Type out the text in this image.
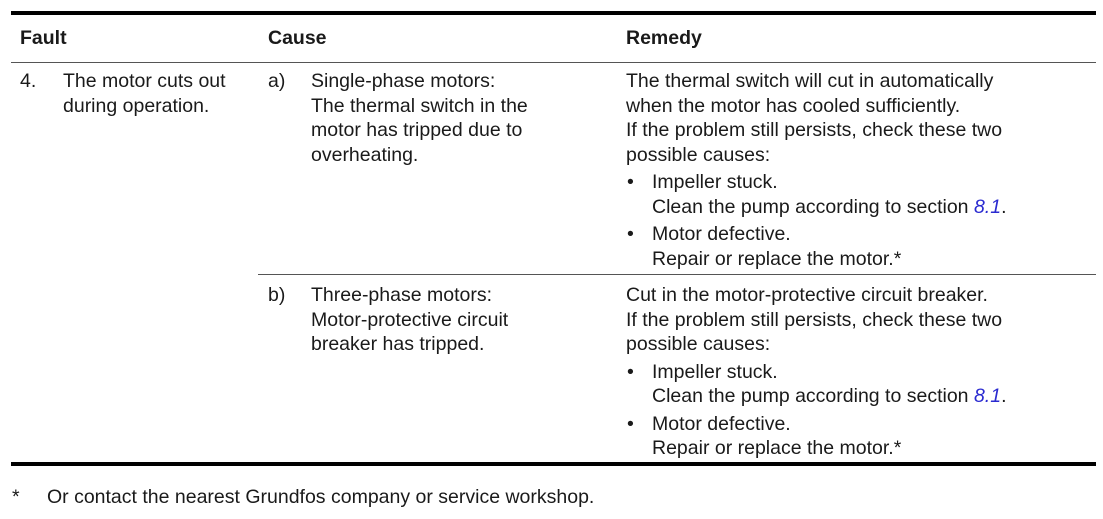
Fault	Cause	Remedy
4. The motor cuts out
during operation.
a) Single-phase motors:
The thermal switch in the
motor has tripped due to
overheating.
The thermal switch will cut in automatically
when the motor has cooled sufficiently.
If the problem still persists, check these two
possible causes:
• Impeller stuck.
Clean the pump according to section 8.1.
• Motor defective.
Repair or replace the motor.*
b) Three-phase motors:
Motor-protective circuit
breaker has tripped.
Cut in the motor-protective circuit breaker.
If the problem still persists, check these two
possible causes:
• Impeller stuck.
Clean the pump according to section 8.1.
• Motor defective.
Repair or replace the motor.*
* Or contact the nearest Grundfos company or service workshop.
